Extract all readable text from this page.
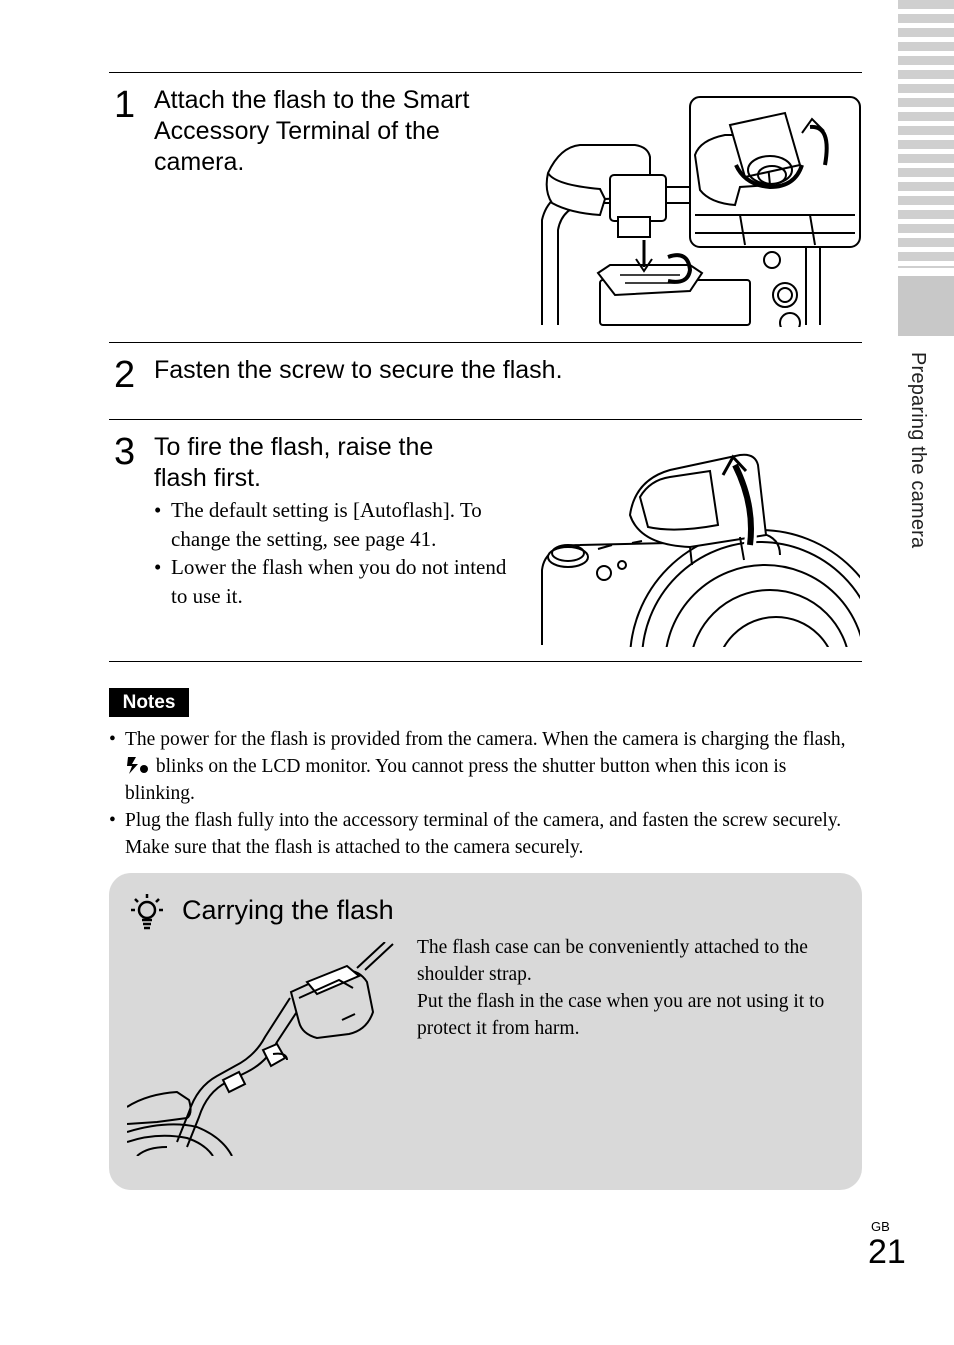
Preparing the camera
1 Attach the flash to the Smart Accessory Terminal of the camera.
2 Fasten the screw to secure the flash.
3 To fire the flash, raise the flash first.
• The default setting is [Autoflash]. To change the setting, see page 41.
• Lower the flash when you do not intend to use it.
Notes
• The power for the flash is provided from the camera. When the camera is charging the flash,  blinks on the LCD monitor. You cannot press the shutter button when this icon is blinking.
• Plug the flash fully into the accessory terminal of the camera, and fasten the screw securely. Make sure that the flash is attached to the camera securely.
Carrying the flash
The flash case can be conveniently attached to the shoulder strap.
Put the flash in the case when you are not using it to protect it from harm.
GB
21
